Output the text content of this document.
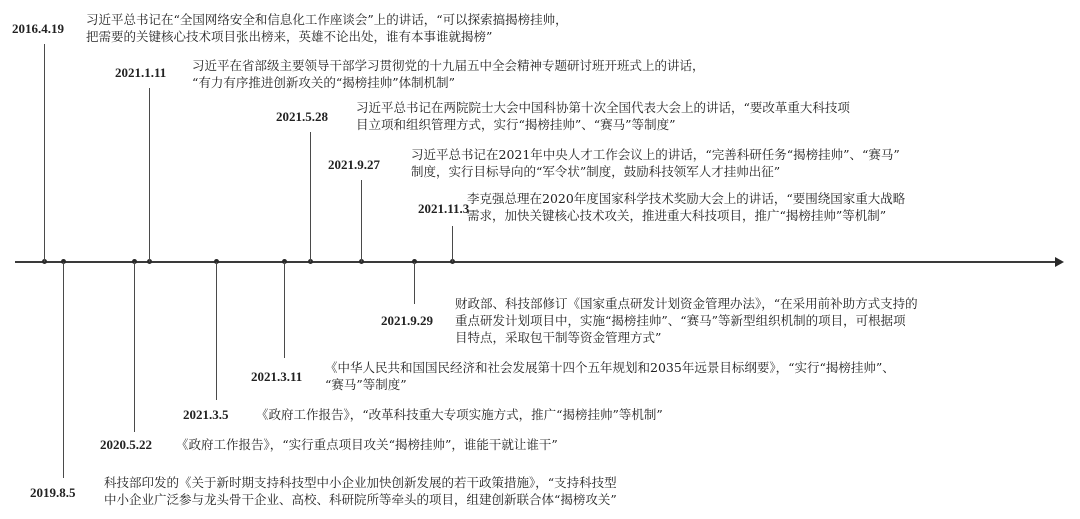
2016.4.19
习近平总书记在“全国网络安全和信息化工作座谈会”上的讲话，“可以探索搞揭榜挂帅，
把需要的关键核心技术项目张出榜来，英雄不论出处，谁有本事谁就揭榜”
2021.1.11 习近平在省部级主要领导干部学习贯彻党的十九届五中全会精神专题研讨班开班式上的讲话，
“有力有序推进创新攻关的“揭榜挂帅”体制机制”
2021.5.28
习近平总书记在两院院士大会中国科协第十次全国代表大会上的讲话，“要改革重大科技项
目立项和组织管理方式，实行“揭榜挂帅”、“赛马”等制度”
2021.9.27
习近平总书记在2021年中央人才工作会议上的讲话，“完善科研任务“揭榜挂帅”、“赛马”
制度，实行目标导向的“军令状”制度，鼓励科技领军人才挂帅出征”
2021.11.3
李克强总理在2020年度国家科学技术奖励大会上的讲话，“要围绕国家重大战略
需求，加快关键核心技术攻关，推进重大科技项目，推广“揭榜挂帅”等机制”
2021.9.29
财政部、科技部修订《国家重点研发计划资金管理办法》，“在采用前补助方式支持的
重点研发计划项目中，实施“揭榜挂帅”、“赛马”等新型组织机制的项目，可根据项
目特点，采取包干制等资金管理方式”
2021.3.11
《中华人民共和国国民经济和社会发展第十四个五年规划和2035年远景目标纲要》，“实行“揭榜挂帅”、
“赛马”等制度”
2021.3.5 《政府工作报告》，“改革科技重大专项实施方式，推广“揭榜挂帅”等机制”
2020.5.22 《政府工作报告》，“实行重点项目攻关“揭榜挂帅”，谁能干就让谁干”
2019.8.5
科技部印发的《关于新时期支持科技型中小企业加快创新发展的若干政策措施》，“支持科技型
中小企业广泛参与龙头骨干企业、高校、科研院所等牵头的项目，组建创新联合体“揭榜攻关”
